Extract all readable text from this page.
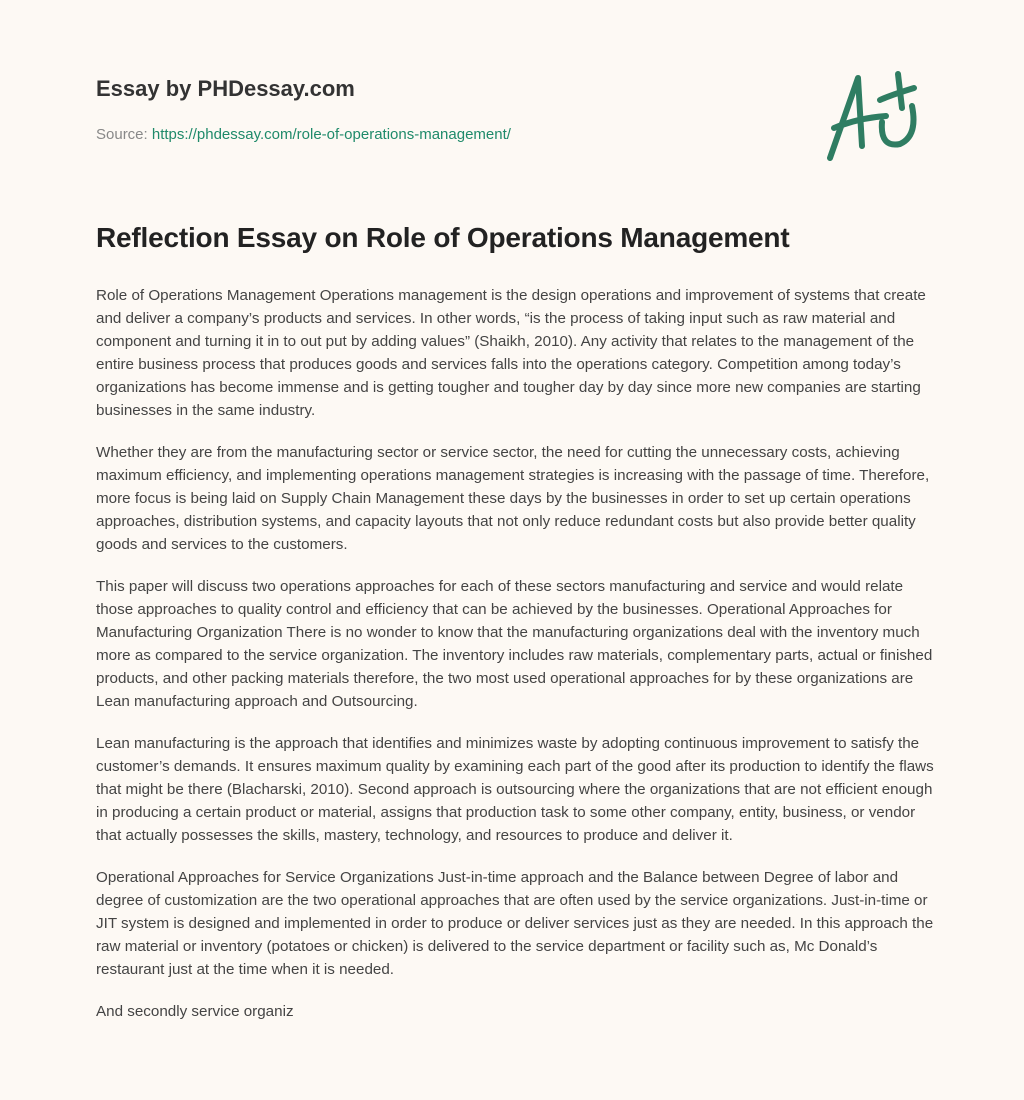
Essay by PHDessay.com

Source: https://phdessay.com/role-of-operations-management/
Reflection Essay on Role of Operations Management

Role of Operations Management Operations management is the design operations and improvement of systems that create and deliver a company’s products and services. In other words, “is the process of taking input such as raw material and component and turning it in to out put by adding values” (Shaikh, 2010). Any activity that relates to the management of the entire business process that produces goods and services falls into the operations category. Competition among today’s organizations has become immense and is getting tougher and tougher day by day since more new companies are starting businesses in the same industry.

Whether they are from the manufacturing sector or service sector, the need for cutting the unnecessary costs, achieving maximum efficiency, and implementing operations management strategies is increasing with the passage of time. Therefore, more focus is being laid on Supply Chain Management these days by the businesses in order to set up certain operations approaches, distribution systems, and capacity layouts that not only reduce redundant costs but also provide better quality goods and services to the customers.

This paper will discuss two operations approaches for each of these sectors manufacturing and service and would relate those approaches to quality control and efficiency that can be achieved by the businesses. Operational Approaches for Manufacturing Organization There is no wonder to know that the manufacturing organizations deal with the inventory much more as compared to the service organization. The inventory includes raw materials, complementary parts, actual or finished products, and other packing materials therefore, the two most used operational approaches for by these organizations are Lean manufacturing approach and Outsourcing.

Lean manufacturing is the approach that identifies and minimizes waste by adopting continuous improvement to satisfy the customer’s demands. It ensures maximum quality by examining each part of the good after its production to identify the flaws that might be there (Blacharski, 2010). Second approach is outsourcing where the organizations that are not efficient enough in producing a certain product or material, assigns that production task to some other company, entity, business, or vendor that actually possesses the skills, mastery, technology, and resources to produce and deliver it.

Operational Approaches for Service Organizations Just-in-time approach and the Balance between Degree of labor and degree of customization are the two operational approaches that are often used by the service organizations. Just-in-time or JIT system is designed and implemented in order to produce or deliver services just as they are needed. In this approach the raw material or inventory (potatoes or chicken) is delivered to the service department or facility such as, Mc Donald’s restaurant just at the time when it is needed.

And secondly service organiz
